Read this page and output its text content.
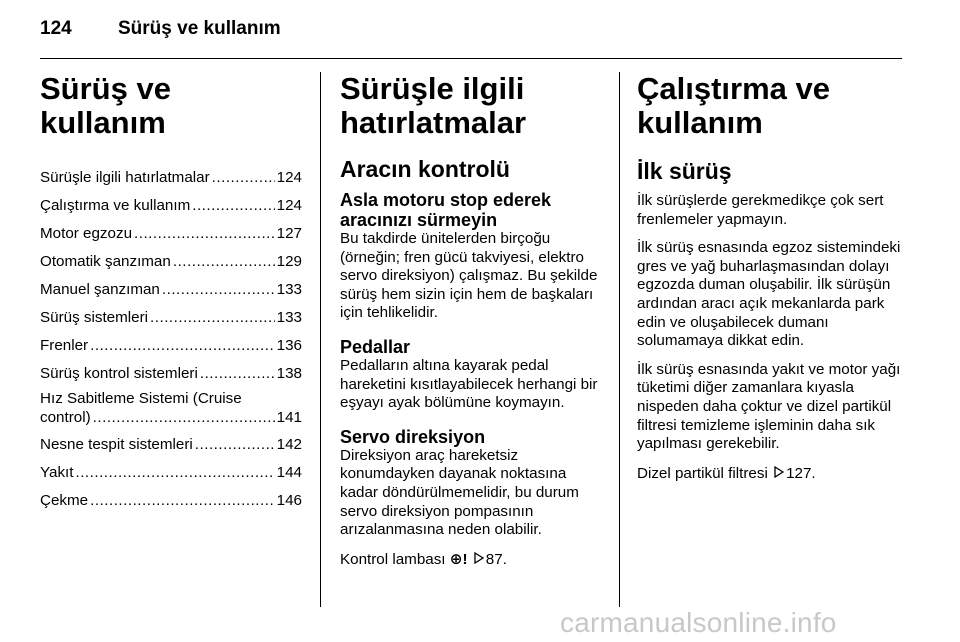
124 Sürüş ve kullanım
Sürüş ve kullanım
Sürüşle ilgili hatırlatmalar .....	124
Çalıştırma ve kullanım .....	124
Motor egzozu .....	127
Otomatik şanzıman .....	129
Manuel şanzıman .....	133
Sürüş sistemleri .....	133
Frenler .....	136
Sürüş kontrol sistemleri .....	138
Hız Sabitleme Sistemi (Cruise
control) .....	141
Nesne tespit sistemleri .....	142
Yakıt .....	144
Çekme .....	146
Sürüşle ilgili
hatırlatmalar
Aracın kontrolü
Asla motoru stop ederek
aracınızı sürmeyin

Bu takdirde ünitelerden birçoğu (örneğin; fren gücü takviyesi, elektro servo direksiyon) çalışmaz. Bu şekilde sürüş hem sizin için hem de başkaları için tehlikelidir.

Pedallar

Pedalların altına kayarak pedal hareketini kısıtlayabilecek herhangi bir eşyayı ayak bölümüne koymayın.

Servo direksiyon

Direksiyon araç hareketsiz konumdayken dayanak noktasına kadar döndürülmemelidir, bu durum servo direksiyon pompasının arızalanmasına neden olabilir.

Kontrol lambası ⊕! 87.

Çalıştırma ve kullanım
İlk sürüş

İlk sürüşlerde gerekmedikçe çok sert frenlemeler yapmayın.

İlk sürüş esnasında egzoz sistemindeki gres ve yağ buharlaşmasından dolayı egzozda duman oluşabilir. İlk sürüşün ardından aracı açık mekanlarda park edin ve oluşabilecek dumanı solumamaya dikkat edin.

İlk sürüş esnasında yakıt ve motor yağı tüketimi diğer zamanlara kıyasla nispeden daha çoktur ve dizel partikül filtresi temizleme işleminin daha sık yapılması gerekebilir.

Dizel partikül filtresi 127.

carmanualsonline.info
